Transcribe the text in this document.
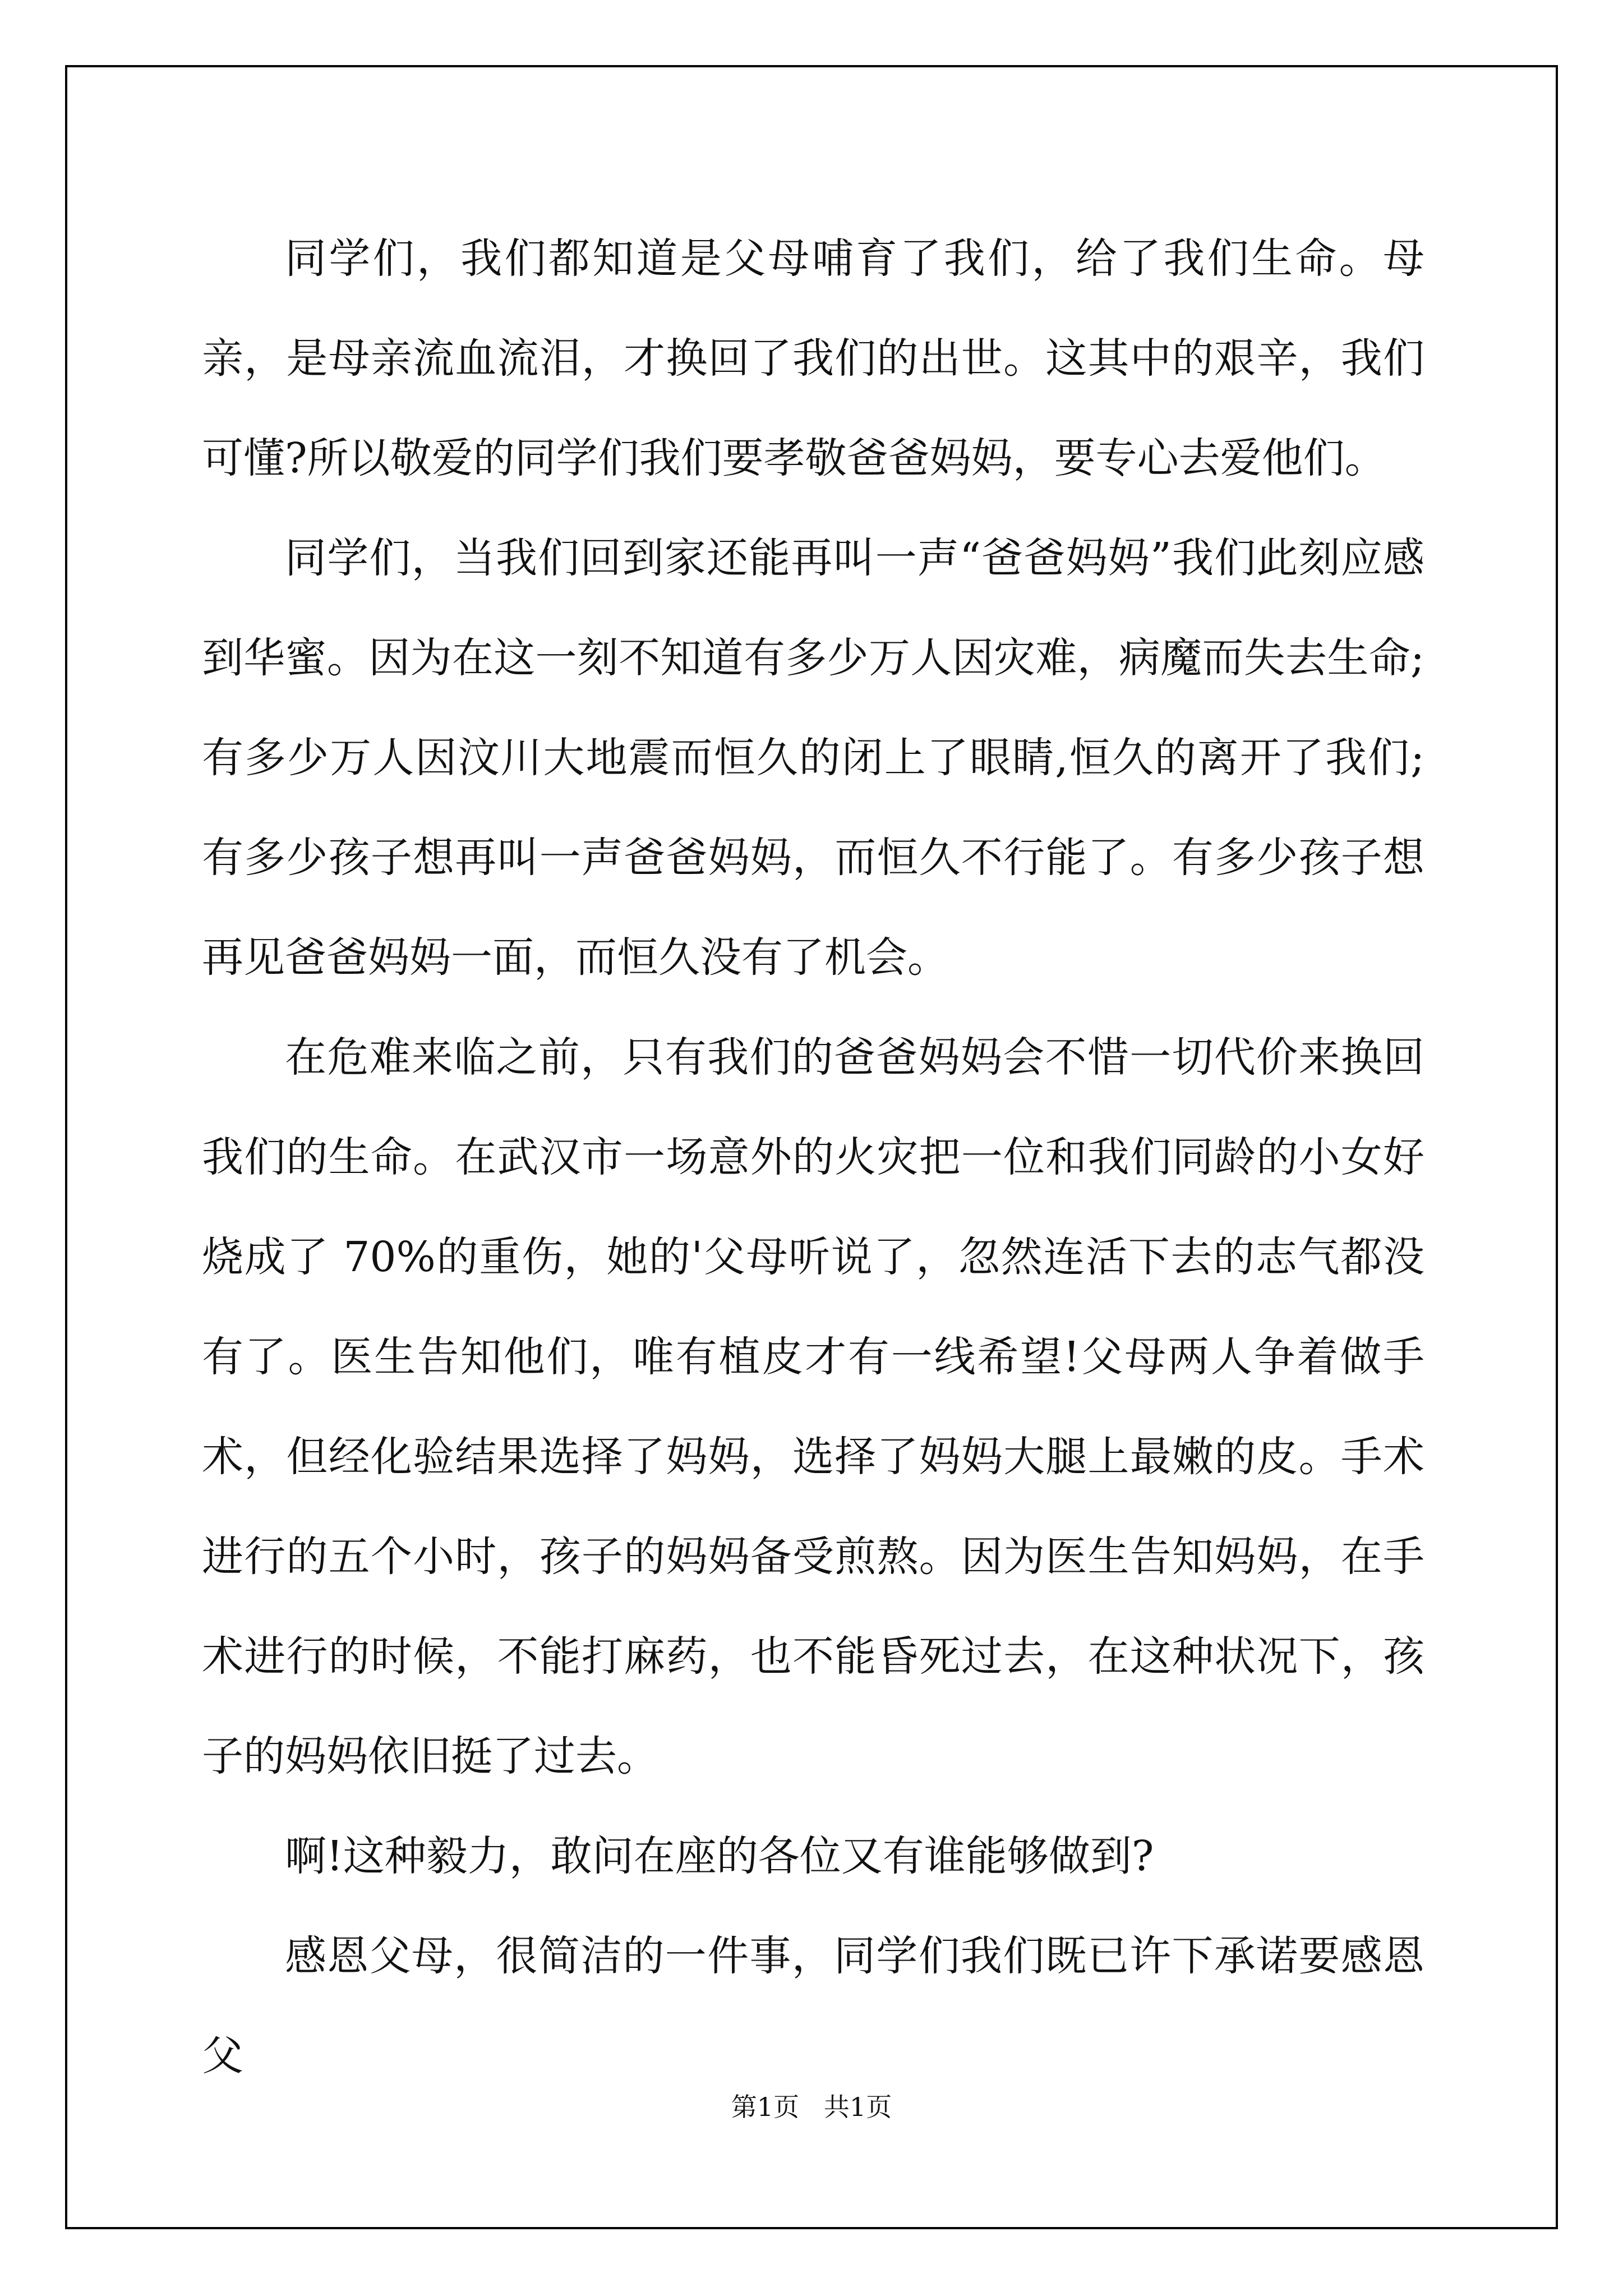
同学们，我们都知道是父母哺育了我们，给了我们生命。母亲，是母亲流血流泪，才换回了我们的出世。这其中的艰辛，我们可懂?所以敬爱的同学们我们要孝敬爸爸妈妈，要专心去爱他们。

同学们，当我们回到家还能再叫一声“爸爸妈妈”我们此刻应感到华蜜。因为在这一刻不知道有多少万人因灾难，病魔而失去生命;有多少万人因汶川大地震而恒久的闭上了眼睛,恒久的离开了我们;有多少孩子想再叫一声爸爸妈妈，而恒久不行能了。有多少孩子想再见爸爸妈妈一面，而恒久没有了机会。

在危难来临之前，只有我们的爸爸妈妈会不惜一切代价来换回我们的生命。在武汉市一场意外的火灾把一位和我们同龄的小女好烧成了 70%的重伤，她的'父母听说了，忽然连活下去的志气都没有了。医生告知他们，唯有植皮才有一线希望!父母两人争着做手术，但经化验结果选择了妈妈，选择了妈妈大腿上最嫩的皮。手术进行的五个小时，孩子的妈妈备受煎熬。因为医生告知妈妈，在手术进行的时候，不能打麻药，也不能昏死过去，在这种状况下，孩子的妈妈依旧挺了过去。

啊!这种毅力，敢问在座的各位又有谁能够做到?

感恩父母，很简洁的一件事，同学们我们既已许下承诺要感恩父

第1页   共1页
